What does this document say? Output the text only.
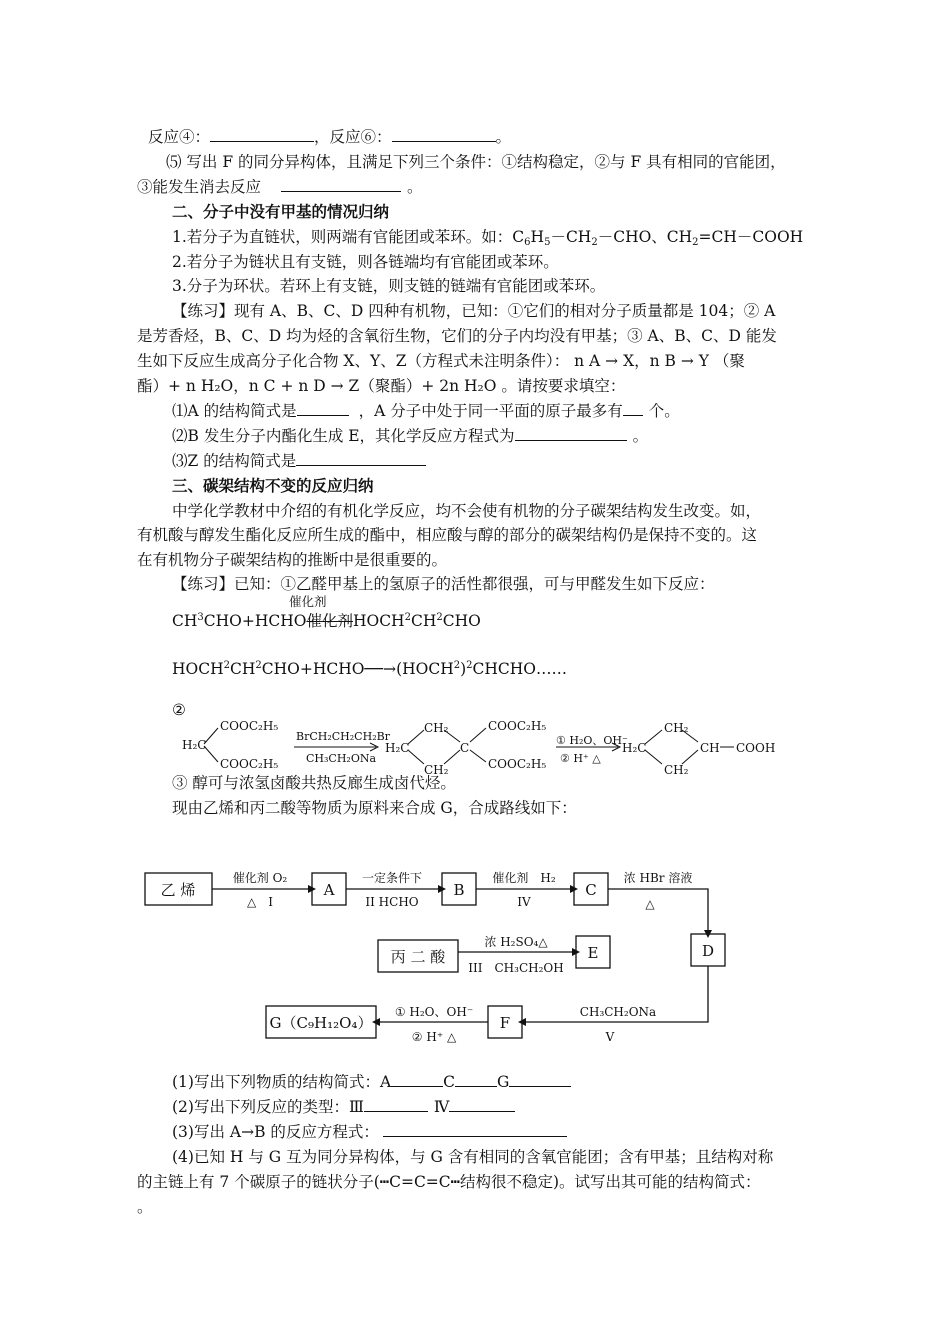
反应④：	，反应⑥：	。
⑸ 写出 F 的同分异构体，且满足下列三个条件：①结构稳定，②与 F 具有相同的官能团，
③能发生消去反应	。
二、分子中没有甲基的情况归纳
1.若分子为直链状，则两端有官能团或苯环。如：$C_6H_5-CH_2-CHO$、$CH_2=CH-COOH$
2.若分子为链状且有支链，则各链端均有官能团或苯环。
3.分子为环状。若环上有支链，则支链的链端有官能团或苯环。
【练习】现有 A、B、C、D 四种有机物，已知：①它们的相对分子质量都是 104；② A
是芳香烃，B、C、D 均为烃的含氧衍生物，它们的分子内均没有甲基；③ A、B、C、D 能发
生如下反应生成高分子化合物 X、Y、Z（方程式未注明条件）： n A → X，n B → Y （聚
酯）+ n H₂O，n C + n D → Z（聚酯）+ 2n H₂O 。请按要求填空：
⑴A 的结构简式是	，A 分子中处于同一平面的原子最多有 个。
⑵B 发生分子内酯化生成 E，其化学反应方程式为	。
⑶Z 的结构简式是
三、碳架结构不变的反应归纳
中学化学教材中介绍的有机化学反应，均不会使有机物的分子碳架结构发生改变。如，
有机酸与醇发生酯化反应所生成的酯中，相应酸与醇的部分的碳架结构仍是保持不变的。这
在有机物分子碳架结构的推断中是很重要的。
【练习】已知：①乙醛甲基上的氢原子的活性都很强，可与甲醛发生如下反应：
催化剂
$CH^3CHO+HCHO$催化剂$HOCH^2CH^2CHO$
$HOCH^2CH^2CHO+HCHO──\to(HOCH^2)^2CHCHO\dots\dots$
②
H₂C
COOC₂H₅
COOC₂H₅
BrCH₂CH₂CH₂Br
CH₃CH₂ONa
H₂C
CH₂
CH₂
C
COOC₂H₅
COOC₂H₅
① H₂O、OH⁻
② H⁺ △
H₂C
CH₂
CH₂
CH COOH
③ 醇可与浓氢卤酸共热反廊生成卤代烃。
现由乙烯和丙二酸等物质为原料来合成 G，合成路线如下：
乙 烯	A	B	C
D
丙 二 酸	E
F
G（C₉H₁₂O₄）
催化剂 O₂
△　I
一定条件下
II HCHO
催化剂　H₂
IV
浓 HBr 溶液
△
浓 H₂SO₄△
III　CH₃CH₂OH
CH₃CH₂ONa
V
① H₂O、OH⁻
② H⁺ △
(1)写出下列物质的结构简式：A	C	G
(2)写出下列反应的类型：Ⅲ	Ⅳ
(3)写出 A→B 的反应方程式：
(4)已知 H 与 G 互为同分异构体，与 G 含有相同的含氧官能团；含有甲基；且结构对称
的主链上有 7 个碳原子的链状分子(┅C=C=C┅结构很不稳定)。试写出其可能的结构简式：
。
